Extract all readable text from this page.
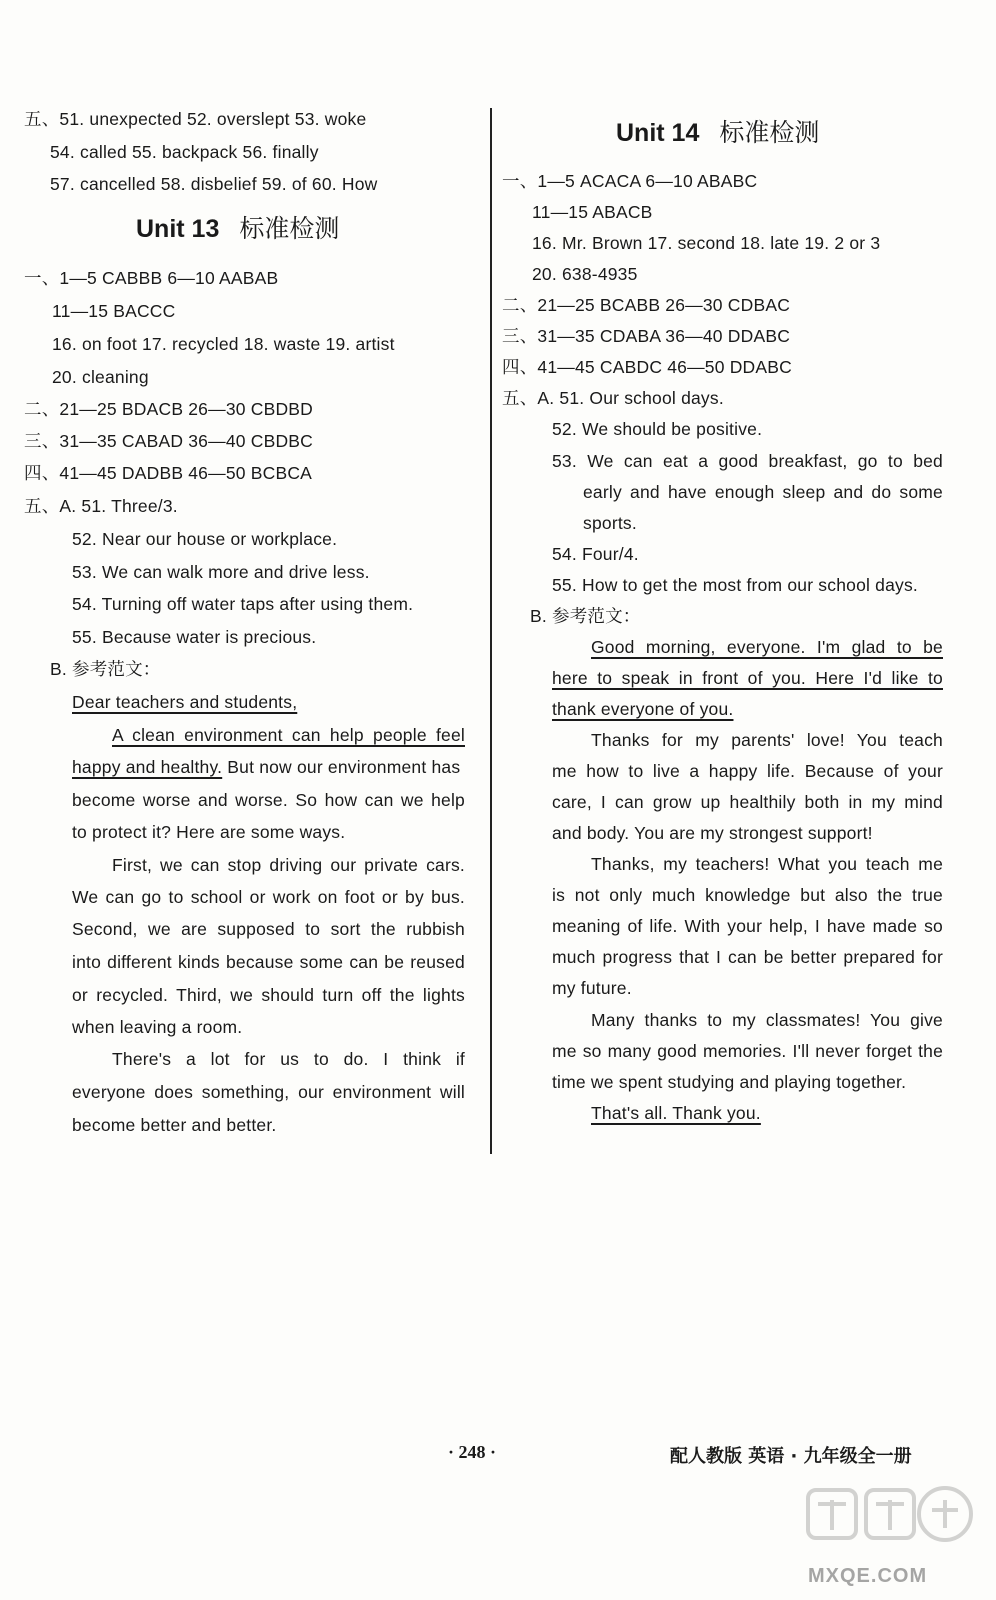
五、51. unexpected 52. overslept 53. woke
54. called 55. backpack 56. finally
57. cancelled 58. disbelief 59. of 60. How
Unit 13 标准检测
一、1—5 CABBB 6—10 AABAB
11—15 BACCC
16. on foot 17. recycled 18. waste 19. artist
20. cleaning
二、21—25 BDACB 26—30 CBDBD
三、31—35 CABAD 36—40 CBDBC
四、41—45 DADBB 46—50 BCBCA
五、A. 51. Three/3.
52. Near our house or workplace.
53. We can walk more and drive less.
54. Turning off water taps after using them.
55. Because water is precious.
B. 参考范文：
Dear teachers and students,
A clean environment can help people feel
happy and healthy. But now our environment has
become worse and worse. So how can we help
to protect it? Here are some ways.
First, we can stop driving our private cars.
We can go to school or work on foot or by bus.
Second, we are supposed to sort the rubbish
into different kinds because some can be reused
or recycled. Third, we should turn off the lights
when leaving a room.
There's a lot for us to do. I think if
everyone does something, our environment will
become better and better.
Unit 14 标准检测
一、1—5 ACACA 6—10 ABABC
11—15 ABACB
16. Mr. Brown 17. second 18. late 19. 2 or 3
20. 638-4935
二、21—25 BCABB 26—30 CDBAC
三、31—35 CDABA 36—40 DDABC
四、41—45 CABDC 46—50 DDABC
五、A. 51. Our school days.
52. We should be positive.
53. We can eat a good breakfast, go to bed
early and have enough sleep and do some
sports.
54. Four/4.
55. How to get the most from our school days.
B. 参考范文：
Good morning, everyone. I'm glad to be
here to speak in front of you. Here I'd like to
thank everyone of you.
Thanks for my parents' love! You teach
me how to live a happy life. Because of your
care, I can grow up healthily both in my mind
and body. You are my strongest support!
Thanks, my teachers! What you teach me
is not only much knowledge but also the true
meaning of life. With your help, I have made so
much progress that I can be better prepared for
my future.
Many thanks to my classmates! You give
me so many good memories. I'll never forget the
time we spent studying and playing together.
That's all. Thank you.
· 248 ·	配人教版 英语 · 九年级全一册
MXQE.COM
